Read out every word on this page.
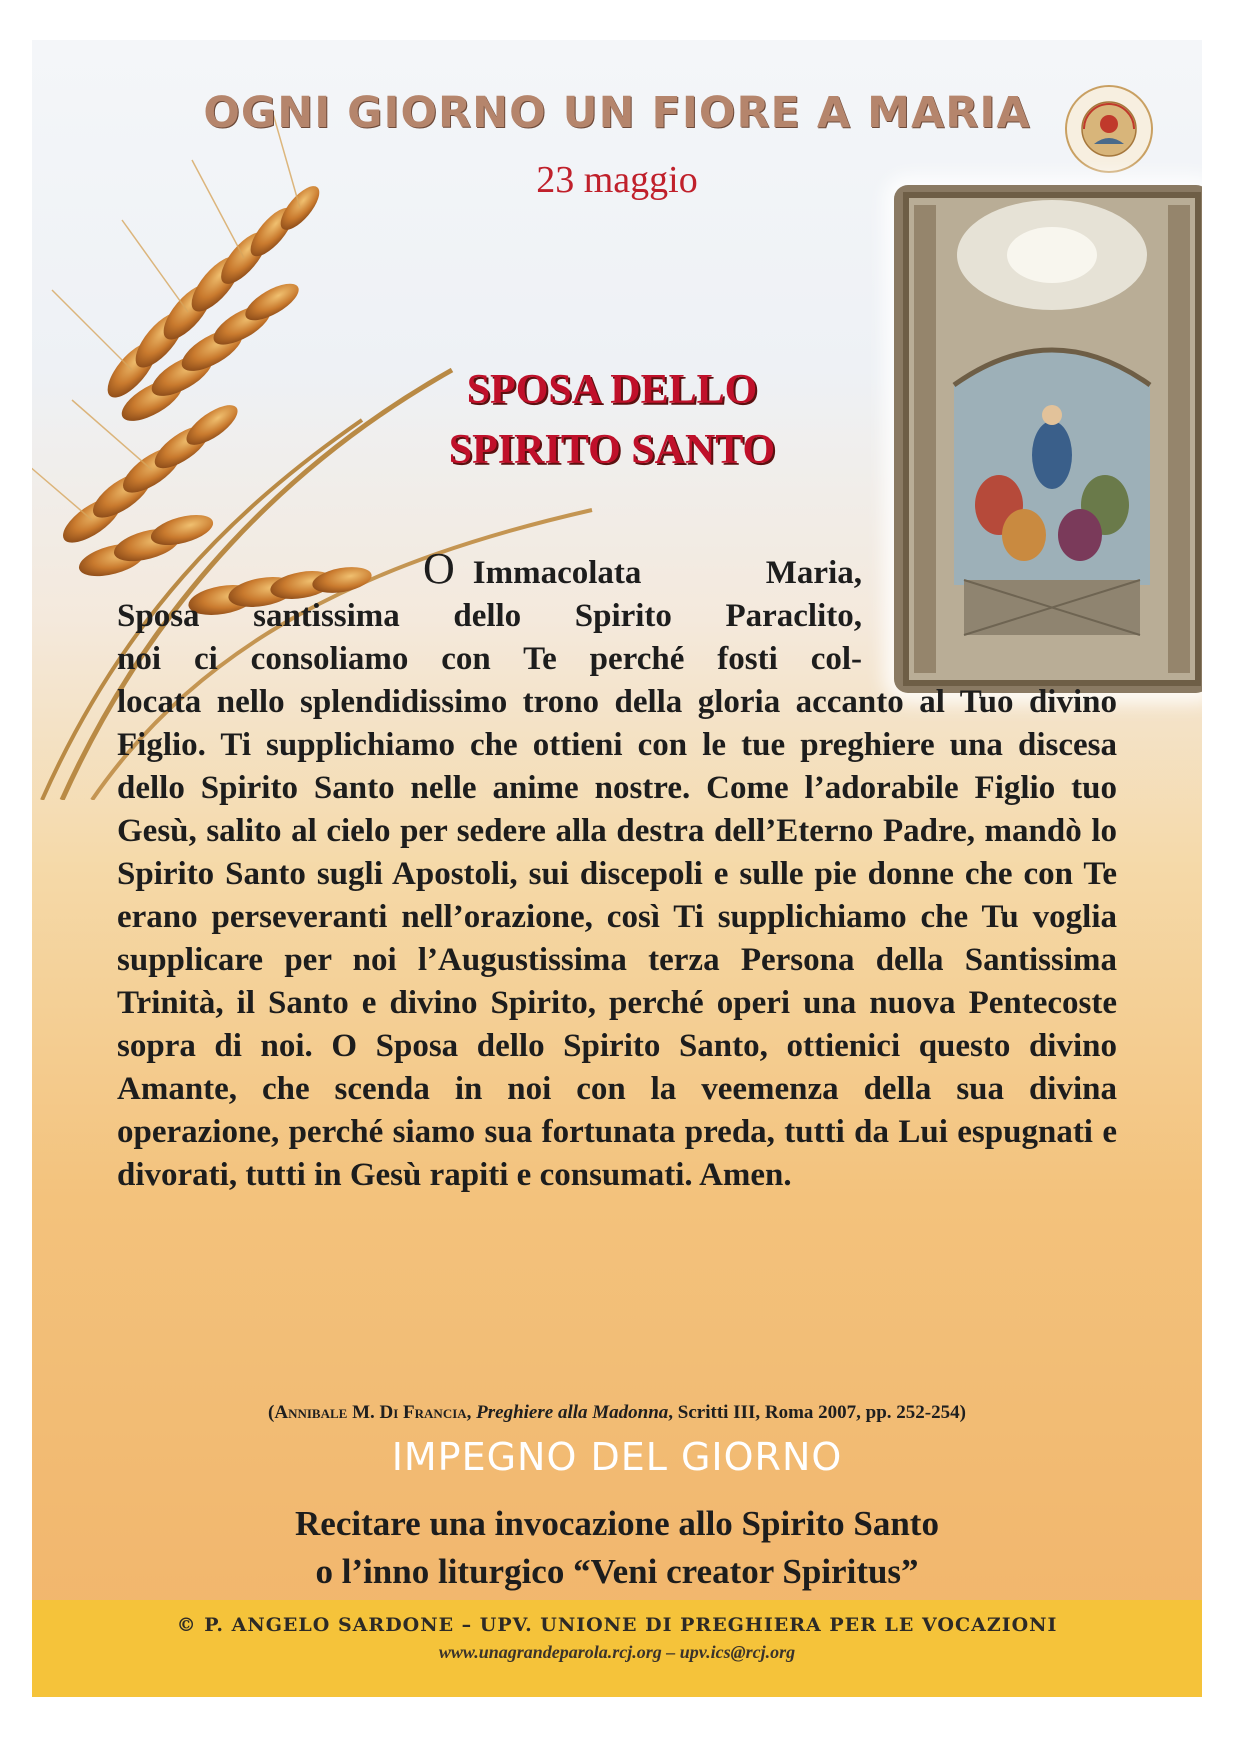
OGNI GIORNO UN FIORE A MARIA
23 maggio
SPOSA DELLO
SPIRITO SANTO

O Immacolata Maria,

Sposa santissima dello Spirito Paraclito,

noi ci consoliamo con Te perché fosti col-

locata nello splendidissimo trono della gloria accanto al Tuo divino Figlio. Ti supplichiamo che ottieni con le tue preghiere una discesa dello Spirito Santo nelle anime nostre. Come l’adorabile Figlio tuo Gesù, salito al cielo per sedere alla destra dell’Eterno Padre, mandò lo Spirito Santo sugli Apostoli, sui discepoli e sulle pie donne che con Te erano perseveranti nell’orazione, così Ti supplichiamo che Tu voglia supplicare per noi l’Augustissima terza Persona della Santissima Trinità, il Santo e divino Spirito, perché operi una nuova Pentecoste sopra di noi. O Sposa dello Spirito Santo, ottienici questo divino Amante, che scenda in noi con la veemenza della sua divina operazione, perché siamo sua fortunata preda, tutti da Lui espugnati e divorati, tutti in Gesù rapiti e consumati. Amen.

(Annibale M. Di Francia, Preghiere alla Madonna, Scritti III, Roma 2007, pp. 252-254)
IMPEGNO DEL GIORNO
Recitare una invocazione allo Spirito Santo
o l’inno liturgico “Veni creator Spiritus”
© P. ANGELO SARDONE – UPV. UNIONE DI PREGHIERA PER LE VOCAZIONI
www.unagrandeparola.rcj.org – upv.ics@rcj.org
